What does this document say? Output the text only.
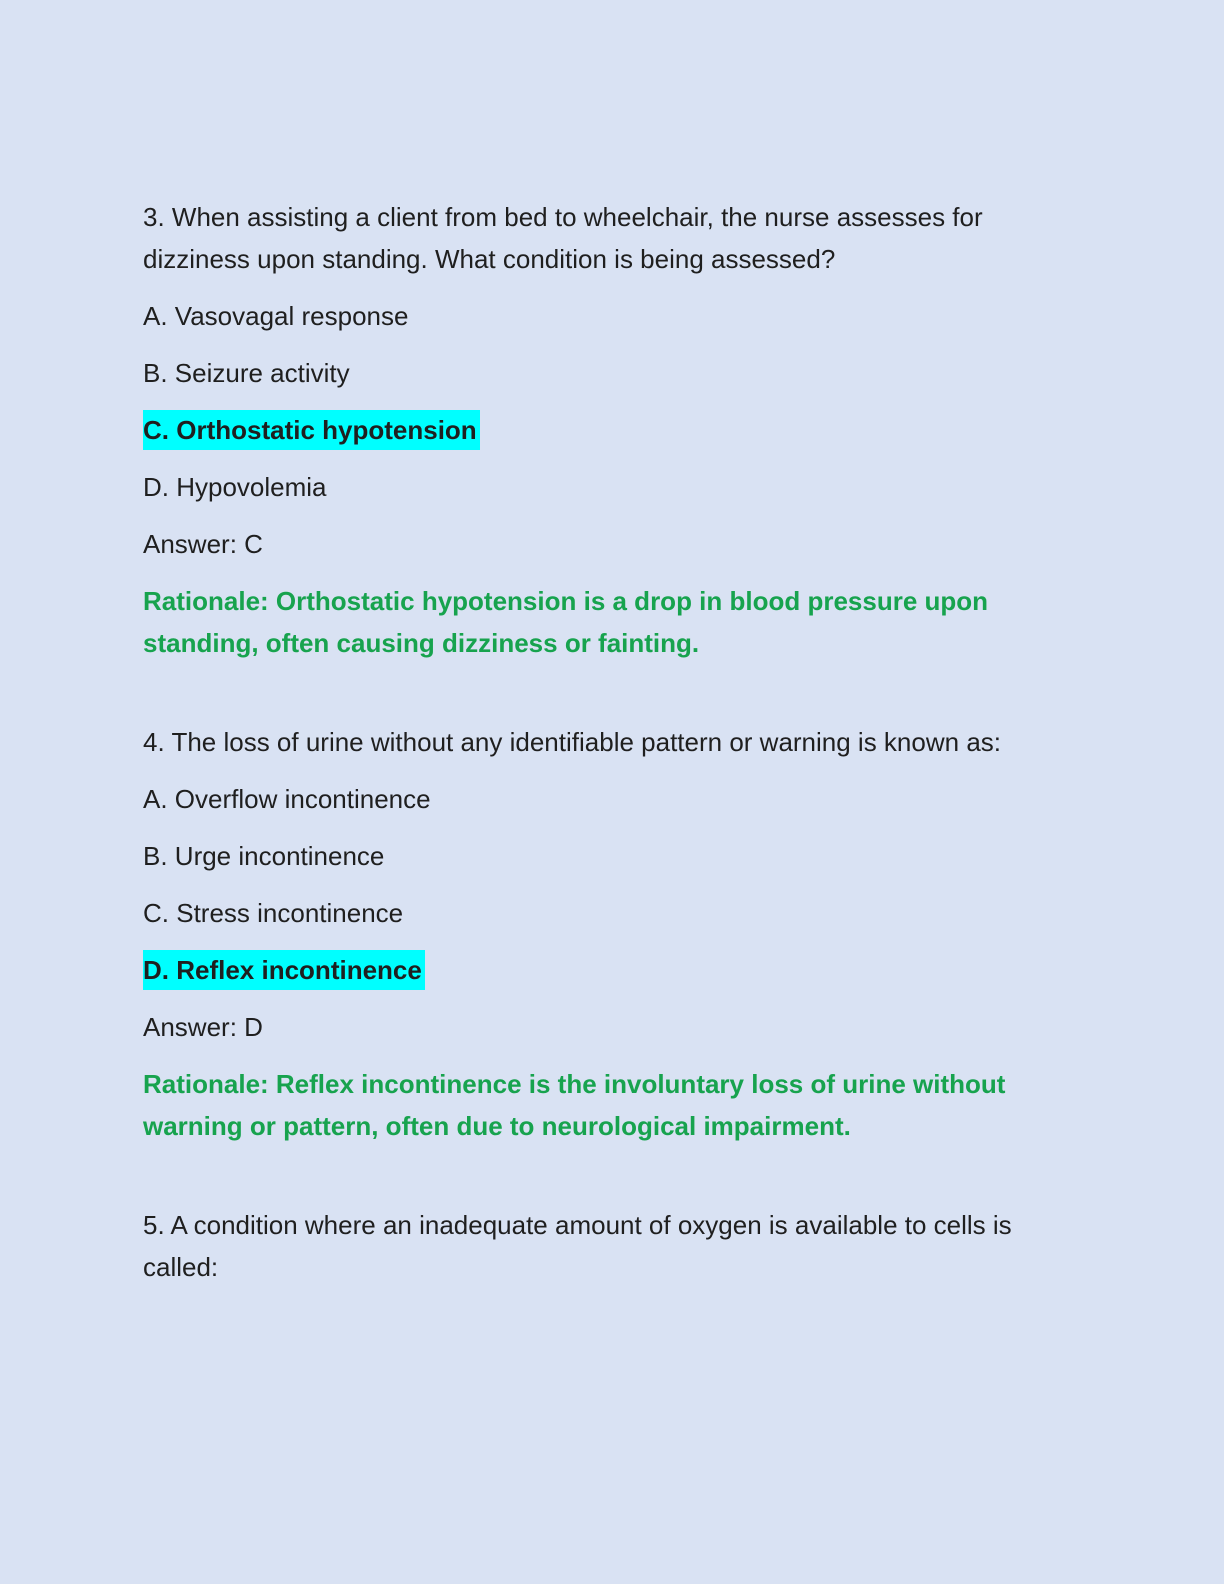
3. When assisting a client from bed to wheelchair, the nurse assesses for dizziness upon standing. What condition is being assessed?

A. Vasovagal response

B. Seizure activity

C. Orthostatic hypotension

D. Hypovolemia

Answer: C

Rationale: Orthostatic hypotension is a drop in blood pressure upon standing, often causing dizziness or fainting.

4. The loss of urine without any identifiable pattern or warning is known as:

A. Overflow incontinence

B. Urge incontinence

C. Stress incontinence

D. Reflex incontinence

Answer: D

Rationale: Reflex incontinence is the involuntary loss of urine without warning or pattern, often due to neurological impairment.

5. A condition where an inadequate amount of oxygen is available to cells is called:
